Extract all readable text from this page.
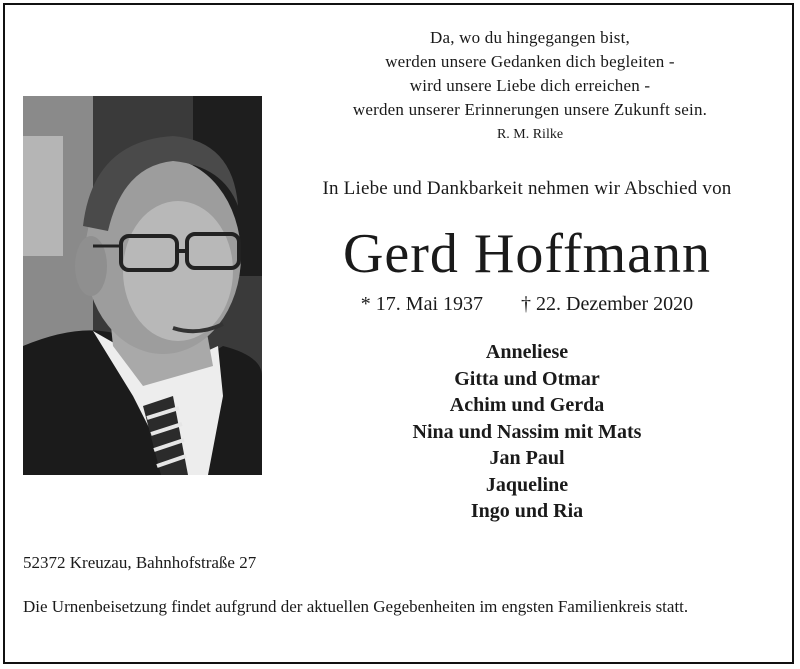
Da, wo du hingegangen bist,
werden unsere Gedanken dich begleiten -
wird unsere Liebe dich erreichen -
werden unserer Erinnerungen unsere Zukunft sein.
R. M. Rilke
In Liebe und Dankbarkeit nehmen wir Abschied von
Gerd Hoffmann
* 17. Mai 1937 † 22. Dezember 2020
Anneliese
Gitta und Otmar
Achim und Gerda
Nina und Nassim mit Mats
Jan Paul
Jaqueline
Ingo und Ria
52372 Kreuzau, Bahnhofstraße 27
Die Urnenbeisetzung findet aufgrund der aktuellen Gegebenheiten im engsten Familienkreis statt.
